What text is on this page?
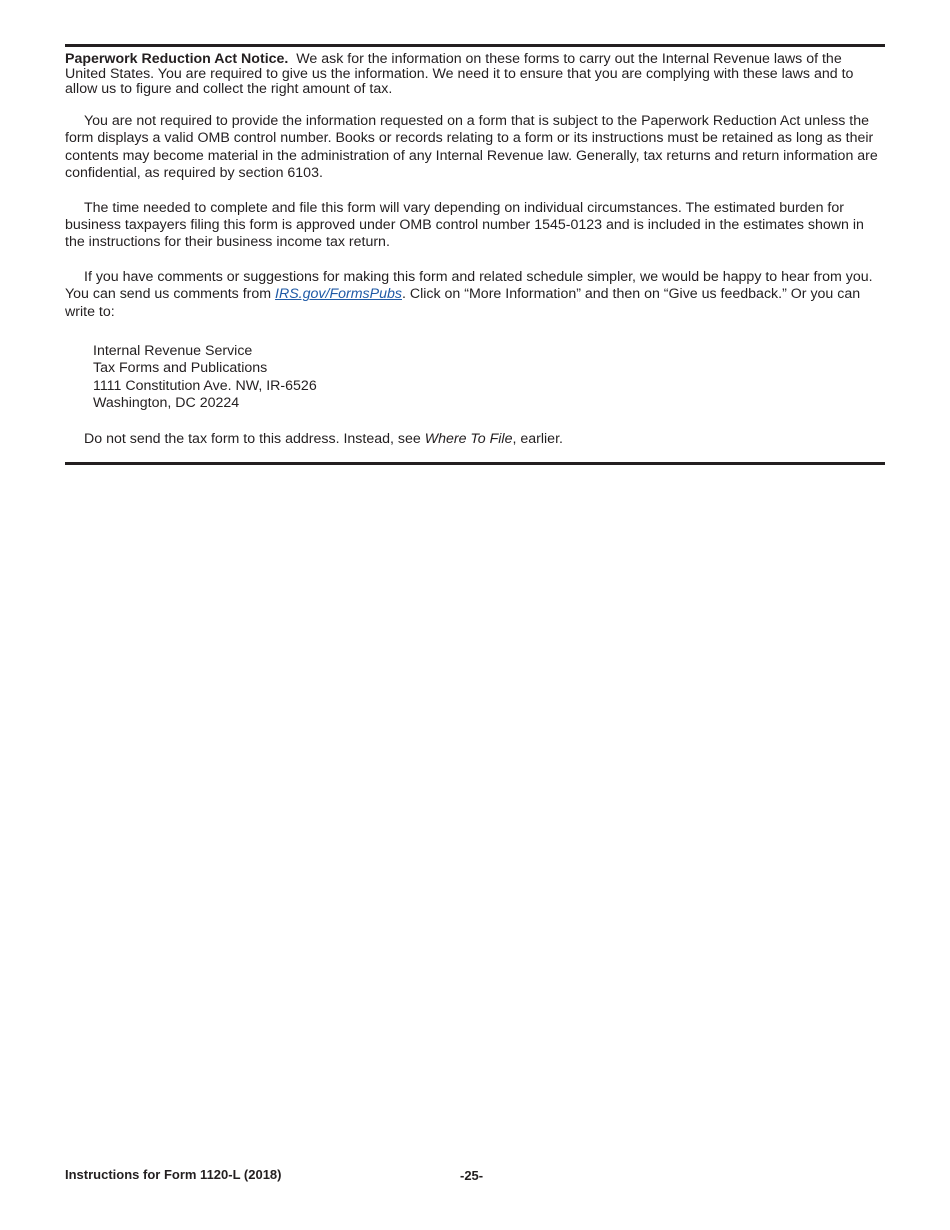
Paperwork Reduction Act Notice. We ask for the information on these forms to carry out the Internal Revenue laws of the United States. You are required to give us the information. We need it to ensure that you are complying with these laws and to allow us to figure and collect the right amount of tax.

You are not required to provide the information requested on a form that is subject to the Paperwork Reduction Act unless the form displays a valid OMB control number. Books or records relating to a form or its instructions must be retained as long as their contents may become material in the administration of any Internal Revenue law. Generally, tax returns and return information are confidential, as required by section 6103.

The time needed to complete and file this form will vary depending on individual circumstances. The estimated burden for business taxpayers filing this form is approved under OMB control number 1545-0123 and is included in the estimates shown in the instructions for their business income tax return.

If you have comments or suggestions for making this form and related schedule simpler, we would be happy to hear from you. You can send us comments from IRS.gov/FormsPubs. Click on “More Information” and then on “Give us feedback.” Or you can write to:

Internal Revenue Service
Tax Forms and Publications
1111 Constitution Ave. NW, IR-6526
Washington, DC 20224

Do not send the tax form to this address. Instead, see Where To File, earlier.

Instructions for Form 1120-L (2018)	-25-
